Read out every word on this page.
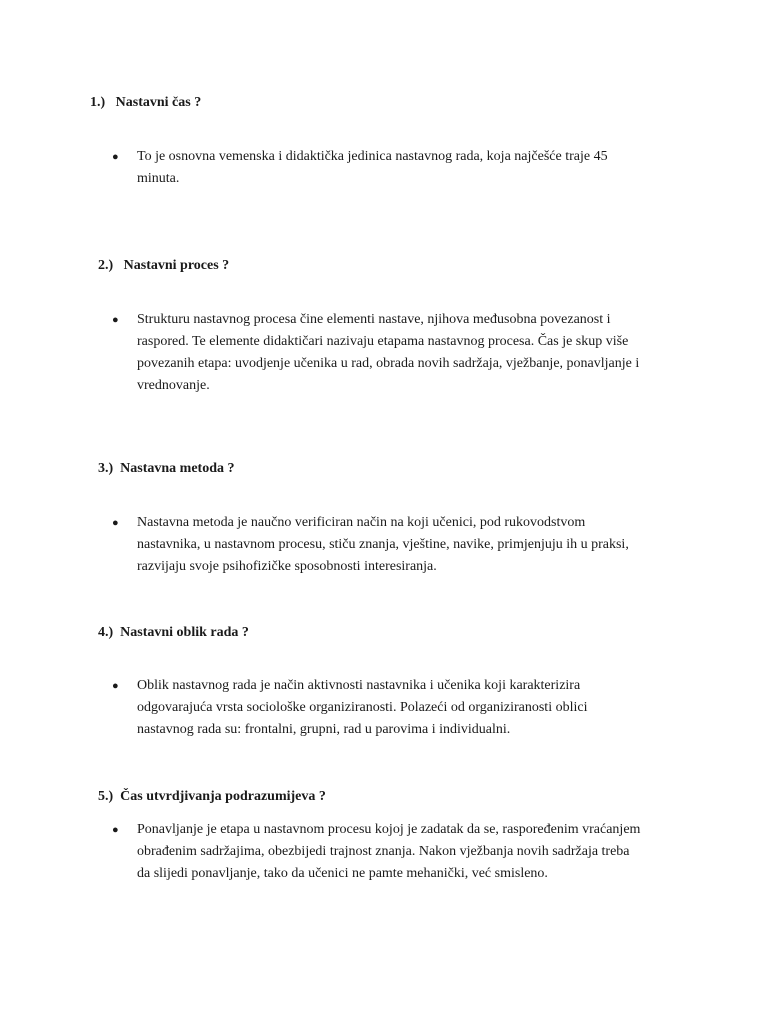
1.)   Nastavni čas ?
● To je osnovna vemenska i didaktička jedinica nastavnog rada, koja najčešće traje 45
minuta.
2.)   Nastavni proces ?
● Strukturu nastavnog procesa čine elementi nastave, njihova međusobna povezanost i
raspored. Te elemente didaktičari nazivaju etapama nastavnog procesa. Čas je skup više
povezanih etapa: uvodjenje učenika u rad, obrada novih sadržaja, vježbanje, ponavljanje i
vrednovanje.
3.)  Nastavna metoda ?
● Nastavna metoda je naučno verificiran način na koji učenici, pod rukovodstvom
nastavnika, u nastavnom procesu, stiču znanja, vještine, navike, primjenjuju ih u praksi,
razvijaju svoje psihofizičke sposobnosti interesiranja.
4.)  Nastavni oblik rada ?
● Oblik nastavnog rada je način aktivnosti nastavnika i učenika koji karakterizira
odgovarajuća vrsta sociološke organiziranosti. Polazeći od organiziranosti oblici
nastavnog rada su: frontalni, grupni, rad u parovima i individualni.
5.)  Čas utvrdjivanja podrazumijeva ?
● Ponavljanje je etapa u nastavnom procesu kojoj je zadatak da se, raspoređenim vraćanjem
obrađenim sadržajima, obezbijedi trajnost znanja. Nakon vježbanja novih sadržaja treba
da slijedi ponavljanje, tako da učenici ne pamte mehanički, već smisleno.
